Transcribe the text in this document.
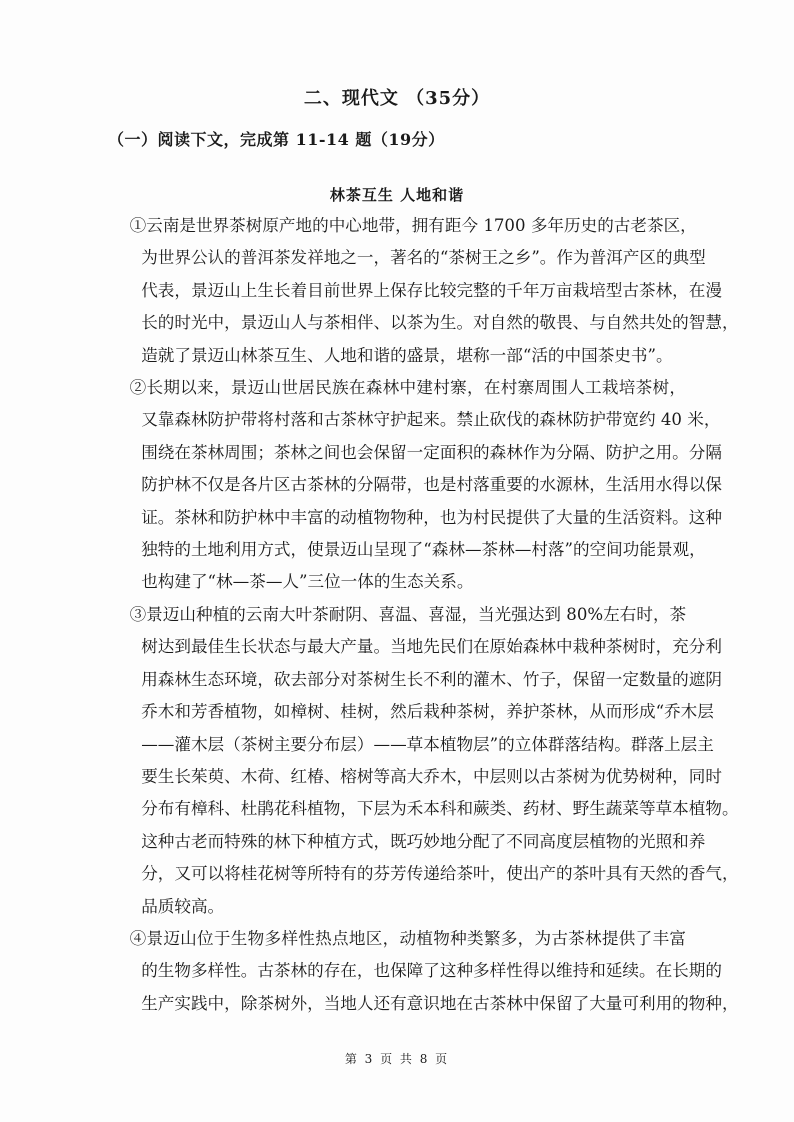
二、现代文 （35分）
（一）阅读下文，完成第 11-14 题（19分）
林茶互生 人地和谐
①云南是世界茶树原产地的中心地带，拥有距今 1700 多年历史的古老茶区，
为世界公认的普洱茶发祥地之一，著名的“茶树王之乡”。作为普洱产区的典型
代表，景迈山上生长着目前世界上保存比较完整的千年万亩栽培型古茶林，在漫
长的时光中，景迈山人与茶相伴、以茶为生。对自然的敬畏、与自然共处的智慧，
造就了景迈山林茶互生、人地和谐的盛景，堪称一部“活的中国茶史书”。
②长期以来，景迈山世居民族在森林中建村寨，在村寨周围人工栽培茶树，
又靠森林防护带将村落和古茶林守护起来。禁止砍伐的森林防护带宽约 40 米，
围绕在茶林周围；茶林之间也会保留一定面积的森林作为分隔、防护之用。分隔
防护林不仅是各片区古茶林的分隔带，也是村落重要的水源林，生活用水得以保
证。茶林和防护林中丰富的动植物物种，也为村民提供了大量的生活资料。这种
独特的土地利用方式，使景迈山呈现了“森林—茶林—村落”的空间功能景观，
也构建了“林—茶—人”三位一体的生态关系。
③景迈山种植的云南大叶茶耐阴、喜温、喜湿，当光强达到 80%左右时，茶
树达到最佳生长状态与最大产量。当地先民们在原始森林中栽种茶树时，充分利
用森林生态环境，砍去部分对茶树生长不利的灌木、竹子，保留一定数量的遮阴
乔木和芳香植物，如樟树、桂树，然后栽种茶树，养护茶林，从而形成“乔木层
——灌木层（茶树主要分布层）——草本植物层”的立体群落结构。群落上层主
要生长茱萸、木荷、红椿、榕树等高大乔木，中层则以古茶树为优势树种，同时
分布有樟科、杜鹃花科植物，下层为禾本科和蕨类、药材、野生蔬菜等草本植物。
这种古老而特殊的林下种植方式，既巧妙地分配了不同高度层植物的光照和养
分，又可以将桂花树等所特有的芬芳传递给茶叶，使出产的茶叶具有天然的香气，
品质较高。
④景迈山位于生物多样性热点地区，动植物种类繁多，为古茶林提供了丰富
的生物多样性。古茶林的存在，也保障了这种多样性得以维持和延续。在长期的
生产实践中，除茶树外，当地人还有意识地在古茶林中保留了大量可利用的物种，
第 3 页 共 8 页
